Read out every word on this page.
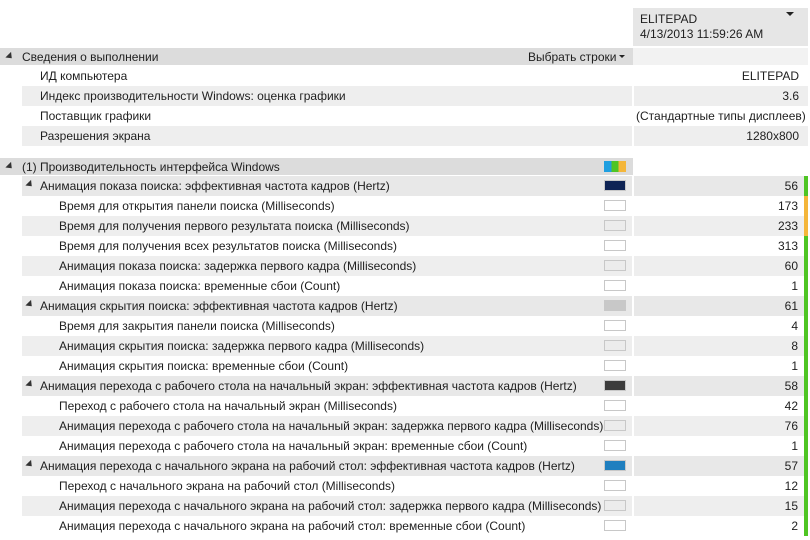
ELITEPAD
4/13/2013 11:59:26 AM
Сведения о выполнении	Выбрать строки
ИД компьютера	ELITEPAD
Индекс производительности Windows: оценка графики	3.6
Поставщик графики	(Стандартные типы дисплеев)
Разрешения экрана	1280x800
(1) Производительность интерфейса Windows
Анимация показа поиска: эффективная частота кадров (Hertz)	56
Время для открытия панели поиска (Milliseconds)	173
Время для получения первого результата поиска (Milliseconds)	233
Время для получения всех результатов поиска (Milliseconds)	313
Анимация показа поиска: задержка первого кадра (Milliseconds)	60
Анимация показа поиска: временные сбои (Count)	1
Анимация скрытия поиска: эффективная частота кадров (Hertz)	61
Время для закрытия панели поиска (Milliseconds)	4
Анимация скрытия поиска: задержка первого кадра (Milliseconds)	8
Анимация скрытия поиска: временные сбои (Count)	1
Анимация перехода с рабочего стола на начальный экран: эффективная частота кадров (Hertz)	58
Переход с рабочего стола на начальный экран (Milliseconds)	42
Анимация перехода с рабочего стола на начальный экран: задержка первого кадра (Milliseconds)	76
Анимация перехода с рабочего стола на начальный экран: временные сбои (Count)	1
Анимация перехода с начального экрана на рабочий стол: эффективная частота кадров (Hertz)	57
Переход с начального экрана на рабочий стол (Milliseconds)	12
Анимация перехода с начального экрана на рабочий стол: задержка первого кадра (Milliseconds)	15
Анимация перехода с начального экрана на рабочий стол: временные сбои (Count)	2
